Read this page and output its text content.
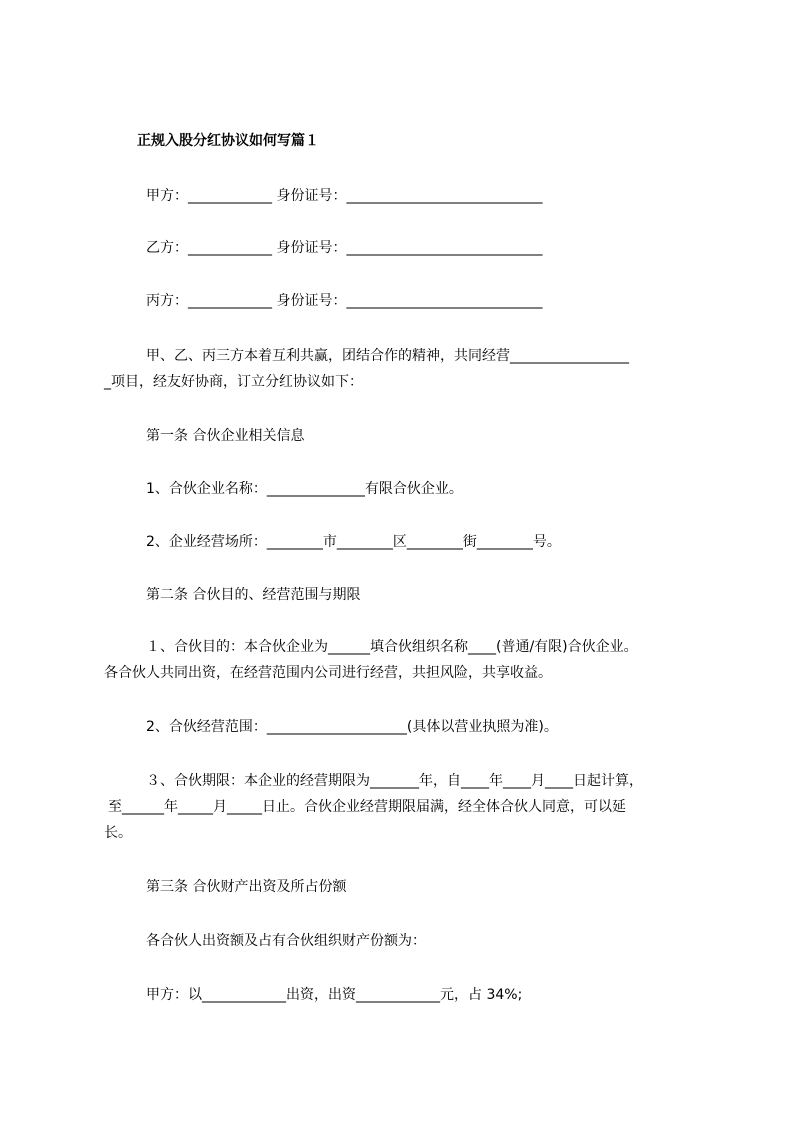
正规入股分红协议如何写篇１
甲方：____________ 身份证号：____________________________
乙方：____________ 身份证号：____________________________
丙方：____________ 身份证号：____________________________
甲、乙、丙三方本着互利共赢，团结合作的精神，共同经营_________________
_项目，经友好协商，订立分红协议如下：
第一条 合伙企业相关信息
1、合伙企业名称：______________有限合伙企业。
2、企业经营场所：________市________区________街________号。
第二条 合伙目的、经营范围与期限
１、合伙目的：本合伙企业为______填合伙组织名称____(普通/有限)合伙企业。
各合伙人共同出资，在经营范围内公司进行经营，共担风险，共享收益。
2、合伙经营范围：____________________(具体以营业执照为准)。
３、合伙期限：本企业的经营期限为_______年，自____年____月____日起计算，
至______年_____月_____日止。合伙企业经营期限届满，经全体合伙人同意，可以延
长。
第三条 合伙财产出资及所占份额
各合伙人出资额及占有合伙组织财产份额为：
甲方：以____________出资，出资____________元，占 34%;
